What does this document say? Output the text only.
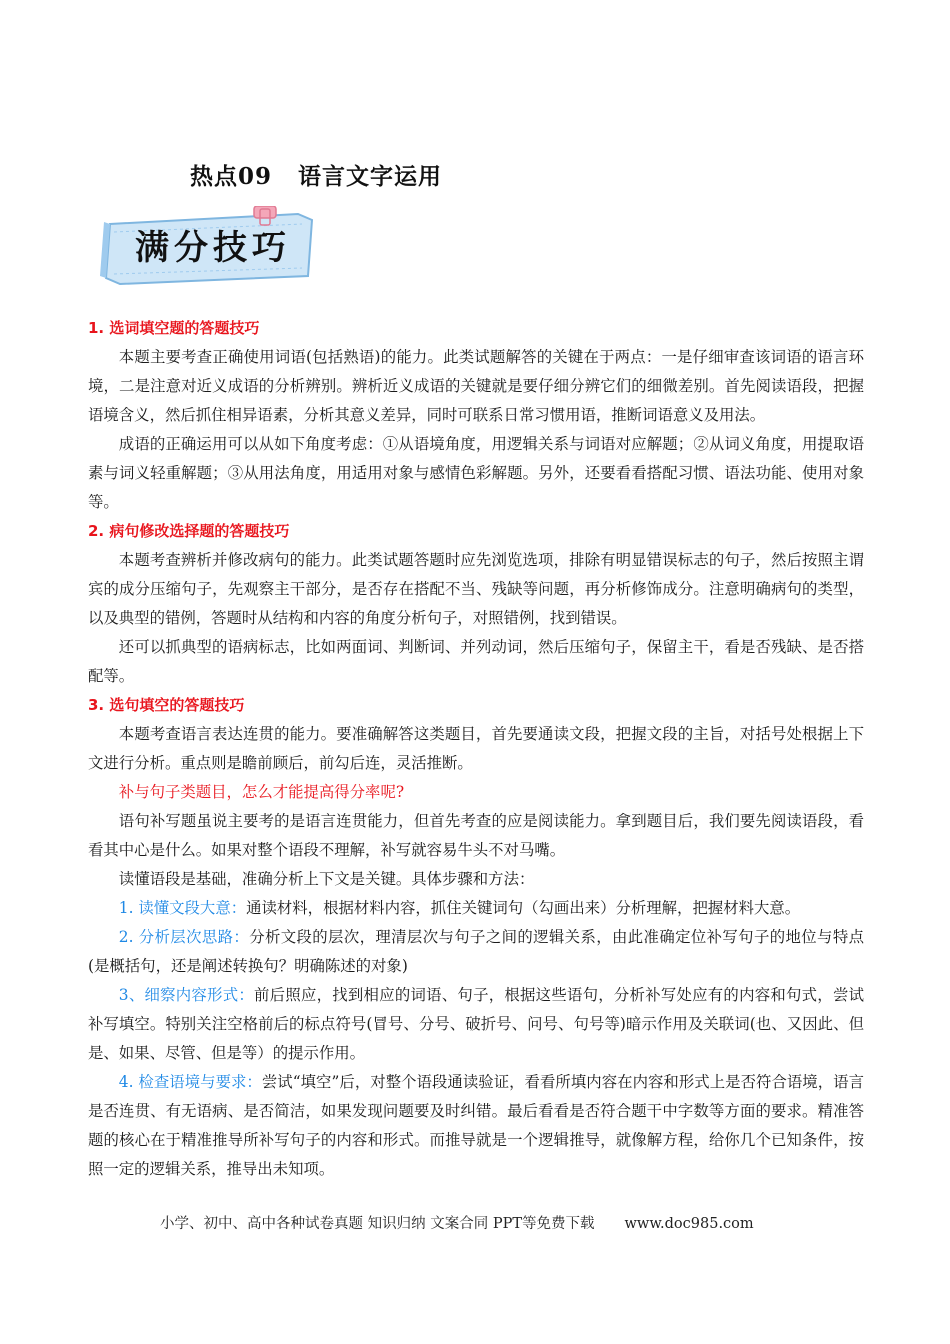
热点09 语言文字运用
满分技巧
1. 选词填空题的答题技巧

本题主要考查正确使用词语(包括熟语)的能力。此类试题解答的关键在于两点：一是仔细审查该词语的语言环境，二是注意对近义成语的分析辨别。辨析近义成语的关键就是要仔细分辨它们的细微差别。首先阅读语段，把握语境含义，然后抓住相异语素，分析其意义差异，同时可联系日常习惯用语，推断词语意义及用法。

成语的正确运用可以从如下角度考虑：①从语境角度，用逻辑关系与词语对应解题；②从词义角度，用提取语素与词义轻重解题；③从用法角度，用适用对象与感情色彩解题。另外，还要看看搭配习惯、语法功能、使用对象等。

2. 病句修改选择题的答题技巧

本题考查辨析并修改病句的能力。此类试题答题时应先浏览选项，排除有明显错误标志的句子，然后按照主谓宾的成分压缩句子，先观察主干部分，是否存在搭配不当、残缺等问题，再分析修饰成分。注意明确病句的类型，以及典型的错例，答题时从结构和内容的角度分析句子，对照错例，找到错误。

还可以抓典型的语病标志，比如两面词、判断词、并列动词，然后压缩句子，保留主干，看是否残缺、是否搭配等。

3. 选句填空的答题技巧

本题考查语言表达连贯的能力。要准确解答这类题目，首先要通读文段，把握文段的主旨，对括号处根据上下文进行分析。重点则是瞻前顾后，前勾后连，灵活推断。

补与句子类题目，怎么才能提高得分率呢?

语句补写题虽说主要考的是语言连贯能力，但首先考查的应是阅读能力。拿到题目后，我们要先阅读语段，看看其中心是什么。如果对整个语段不理解，补写就容易牛头不对马嘴。

读懂语段是基础，准确分析上下文是关键。具体步骤和方法：

1. 读懂文段大意：通读材料，根据材料内容，抓住关键词句（勾画出来）分析理解，把握材料大意。

2. 分析层次思路：分析文段的层次，理清层次与句子之间的逻辑关系，由此准确定位补写句子的地位与特点(是概括句，还是阐述转换句？明确陈述的对象)

3、细察内容形式：前后照应，找到相应的词语、句子，根据这些语句，分析补写处应有的内容和句式，尝试补写填空。特别关注空格前后的标点符号(冒号、分号、破折号、问号、句号等)暗示作用及关联词(也、又因此、但是、如果、尽管、但是等）的提示作用。

4. 检查语境与要求：尝试“填空”后，对整个语段通读验证，看看所填内容在内容和形式上是否符合语境，语言是否连贯、有无语病、是否简洁，如果发现问题要及时纠错。最后看看是否符合题干中字数等方面的要求。精准答题的核心在于精准推导所补写句子的内容和形式。而推导就是一个逻辑推导，就像解方程，给你几个已知条件，按照一定的逻辑关系，推导出未知项。

小学、初中、高中各种试卷真题 知识归纳 文案合同 PPT等免费下载 www.doc985.com
